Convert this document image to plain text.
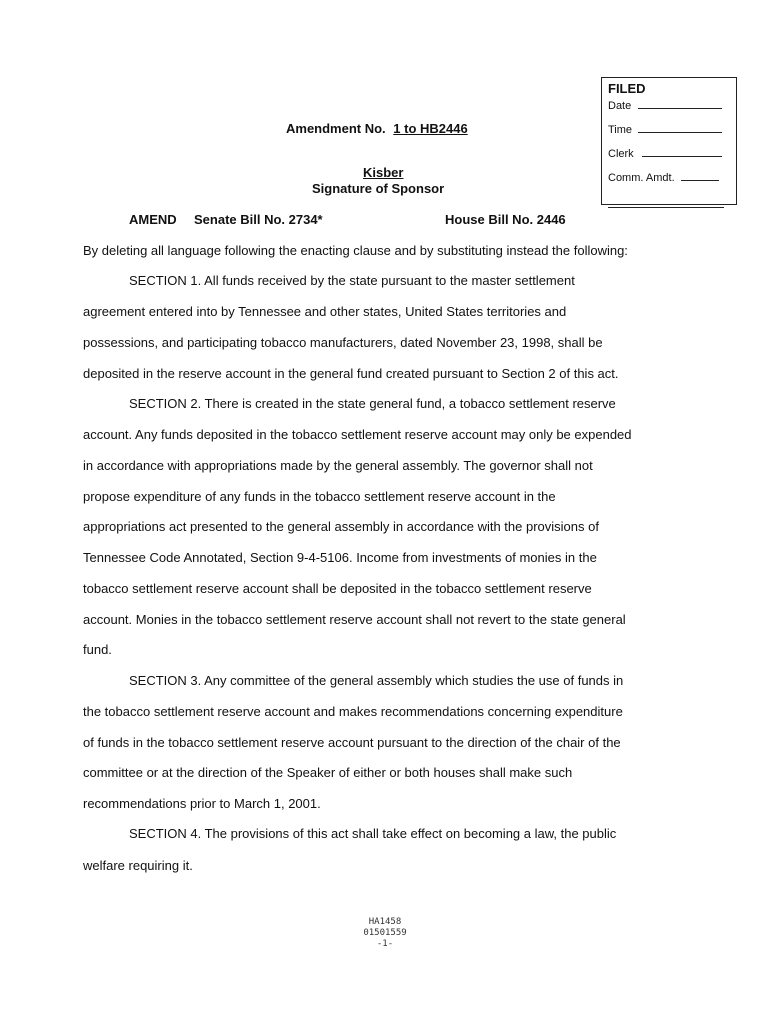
FILED
Date
Time
Clerk
Comm. Amdt.
Amendment No. 1 to HB2446
Kisber
Signature of Sponsor
AMEND Senate Bill No. 2734*	House Bill No. 2446
By deleting all language following the enacting clause and by substituting instead the following:
SECTION 1. All funds received by the state pursuant to the master settlement
agreement entered into by Tennessee and other states, United States territories and
possessions, and participating tobacco manufacturers, dated November 23, 1998, shall be
deposited in the reserve account in the general fund created pursuant to Section 2 of this act.
SECTION 2. There is created in the state general fund, a tobacco settlement reserve
account. Any funds deposited in the tobacco settlement reserve account may only be expended
in accordance with appropriations made by the general assembly. The governor shall not
propose expenditure of any funds in the tobacco settlement reserve account in the
appropriations act presented to the general assembly in accordance with the provisions of
Tennessee Code Annotated, Section 9-4-5106. Income from investments of monies in the
tobacco settlement reserve account shall be deposited in the tobacco settlement reserve
account. Monies in the tobacco settlement reserve account shall not revert to the state general
fund.
SECTION 3. Any committee of the general assembly which studies the use of funds in
the tobacco settlement reserve account and makes recommendations concerning expenditure
of funds in the tobacco settlement reserve account pursuant to the direction of the chair of the
committee or at the direction of the Speaker of either or both houses shall make such
recommendations prior to March 1, 2001.
SECTION 4. The provisions of this act shall take effect on becoming a law, the public
welfare requiring it.
HA1458
01501559
-1-
